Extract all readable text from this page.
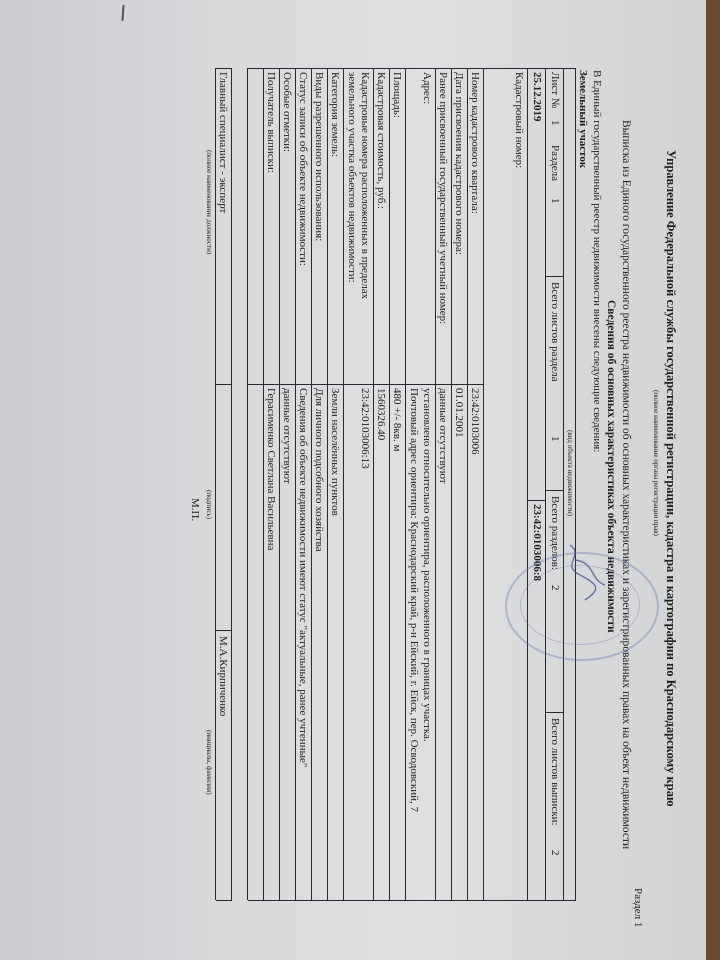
Управление Федеральной службы государственной регистрации, кадастра и картографии по Краснодарскому краю
(полное наименование органа регистрации прав)
Раздел 1
Выписка из Единого государственного реестра недвижимости об основных характеристиках и зарегистрированных правах на объект недвижимости
Сведения об основных характеристиках объекта недвижимости
В Единый государственный реестр недвижимости внесены следующие сведения:
Земельный участок
(вид объекта недвижимости)
Лист №
1
Раздела
1
Всего листов раздела
1
Всего разделов:
2
Всего листов выписки:
2
25.12.2019
Кадастровый номер:
23:42:0103006:8
Номер кадастрового квартала:
23:42:0103006
Дата присвоения кадастрового номера:
01.01.2001
Ранее присвоенный государственный учетный номер:
данные отсутствуют
Адрес:
установлено относительно ориентира, расположенного в границах участка.
Почтовый адрес ориентира: Краснодарский край, р-н Ейский, г. Ейск, пер. Осводовский, 7
Площадь:
480 +/- 8кв. м
Кадастровая стоимость, руб.:
1560326.40
Кадастровые номера расположенных в пределах
земельного участка объектов недвижимости:
23:42:0103006:13
Категория земель:
Земли населённых пунктов
Виды разрешенного использования:
Для личного подсобного хозяйства
Статус записи об объекте недвижимости:
Сведения об объекте недвижимости имеют статус "актуальные, ранее учтенные"
Особые отметки:
данные отсутствуют
Получатель выписки:
Герасименко Светлана Васильевна
Главный специалист - эксперт
(полное наименование должности)
(подпись)
М.А.Кирпиченко
(инициалы, фамилия)
М.П.
